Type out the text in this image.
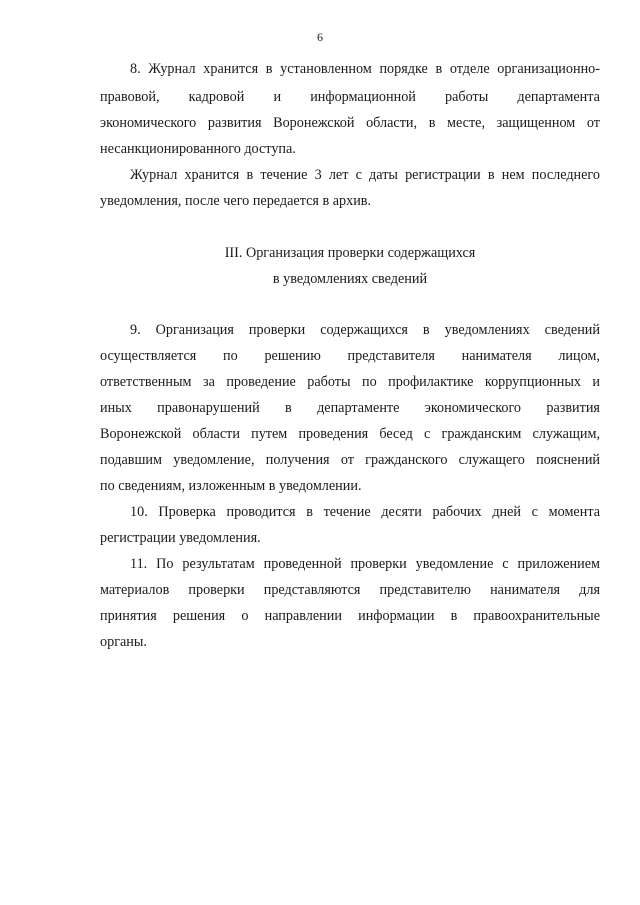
6
8. Журнал хранится в установленном порядке в отделе организационно-
правовой, кадровой и информационной работы департамента
экономического развития Воронежской области, в месте, защищенном от
несанкционированного доступа.
Журнал хранится в течение 3 лет с даты регистрации в нем последнего
уведомления, после чего передается в архив.
III. Организация проверки содержащихся
в уведомлениях сведений
9. Организация проверки содержащихся в уведомлениях сведений
осуществляется по решению представителя нанимателя лицом,
ответственным за проведение работы по профилактике коррупционных и
иных правонарушений в департаменте экономического развития
Воронежской области путем проведения бесед с гражданским служащим,
подавшим уведомление, получения от гражданского служащего пояснений
по сведениям, изложенным в уведомлении.
10. Проверка проводится в течение десяти рабочих дней с момента
регистрации уведомления.
11. По результатам проведенной проверки уведомление с приложением
материалов проверки представляются представителю нанимателя для
принятия решения о направлении информации в правоохранительные
органы.
